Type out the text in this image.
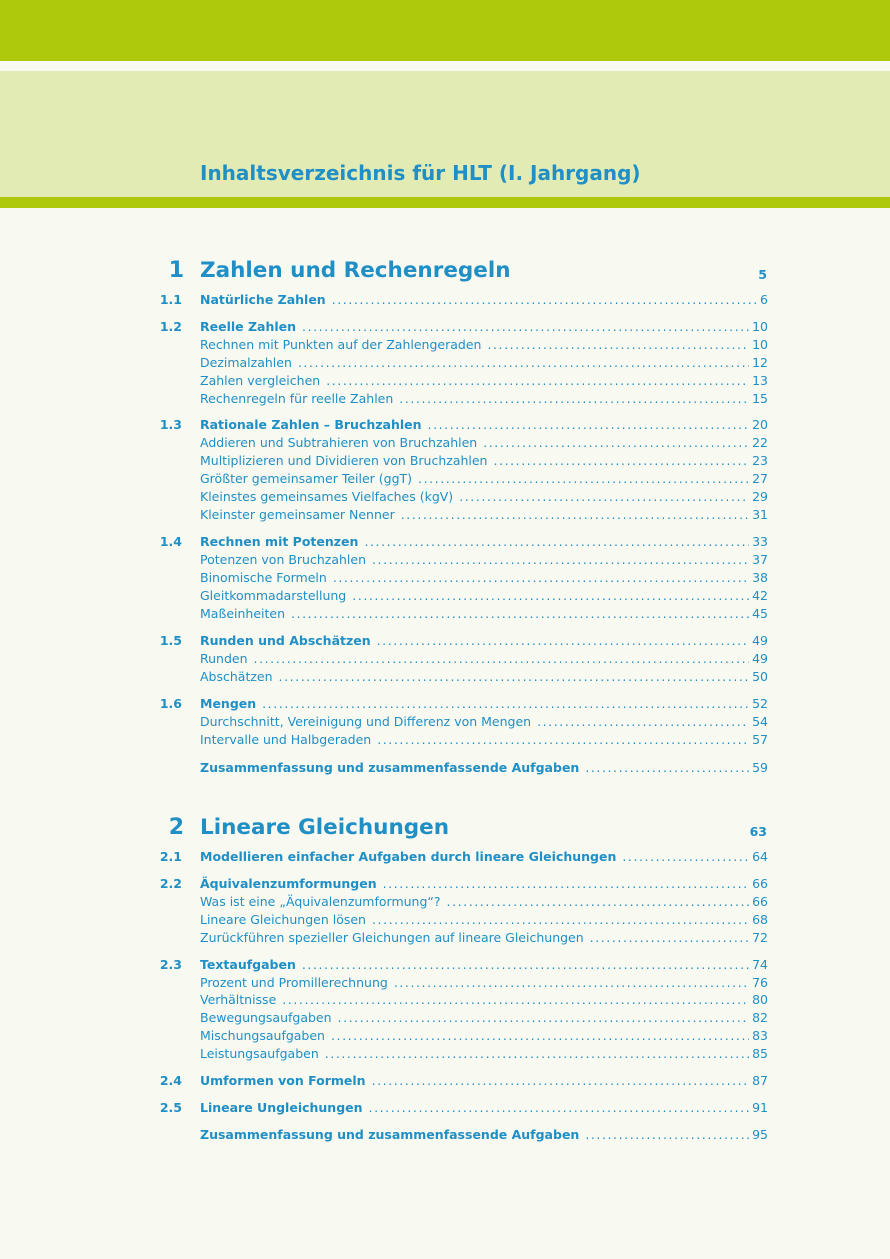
Inhaltsverzeichnis für HLT (I. Jahrgang)
1 Zahlen und Rechenregeln	5
1.1 Natürliche Zahlen . . .	6
1.2 Reelle Zahlen . . .	10
Rechnen mit Punkten auf der Zahlengeraden . . .	10
Dezimalzahlen . . .	12
Zahlen vergleichen . . .	13
Rechenregeln für reelle Zahlen . . .	15
1.3 Rationale Zahlen – Bruchzahlen . . .	20
Addieren und Subtrahieren von Bruchzahlen . . .	22
Multiplizieren und Dividieren von Bruchzahlen . . .	23
Größter gemeinsamer Teiler (ggT) . . .	27
Kleinstes gemeinsames Vielfaches (kgV) . . .	29
Kleinster gemeinsamer Nenner . . .	31
1.4 Rechnen mit Potenzen . . .	33
Potenzen von Bruchzahlen . . .	37
Binomische Formeln . . .	38
Gleitkommadarstellung . . .	42
Maßeinheiten . . .	45
1.5 Runden und Abschätzen . . .	49
Runden . . .	49
Abschätzen . . .	50
1.6 Mengen . . .	52
Durchschnitt, Vereinigung und Differenz von Mengen . . .	54
Intervalle und Halbgeraden . . .	57
Zusammenfassung und zusammenfassende Aufgaben . . .	59
2 Lineare Gleichungen	63
2.1 Modellieren einfacher Aufgaben durch lineare Gleichungen . . .	64
2.2 Äquivalenzumformungen . . .	66
Was ist eine „Äquivalenzumformung“? . . .	66
Lineare Gleichungen lösen . . .	68
Zurückführen spezieller Gleichungen auf lineare Gleichungen . . .	72
2.3 Textaufgaben . . .	74
Prozent und Promillerechnung . . .	76
Verhältnisse . . .	80
Bewegungsaufgaben . . .	82
Mischungsaufgaben . . .	83
Leistungsaufgaben . . .	85
2.4 Umformen von Formeln . . .	87
2.5 Lineare Ungleichungen . . .	91
Zusammenfassung und zusammenfassende Aufgaben . . .	95
